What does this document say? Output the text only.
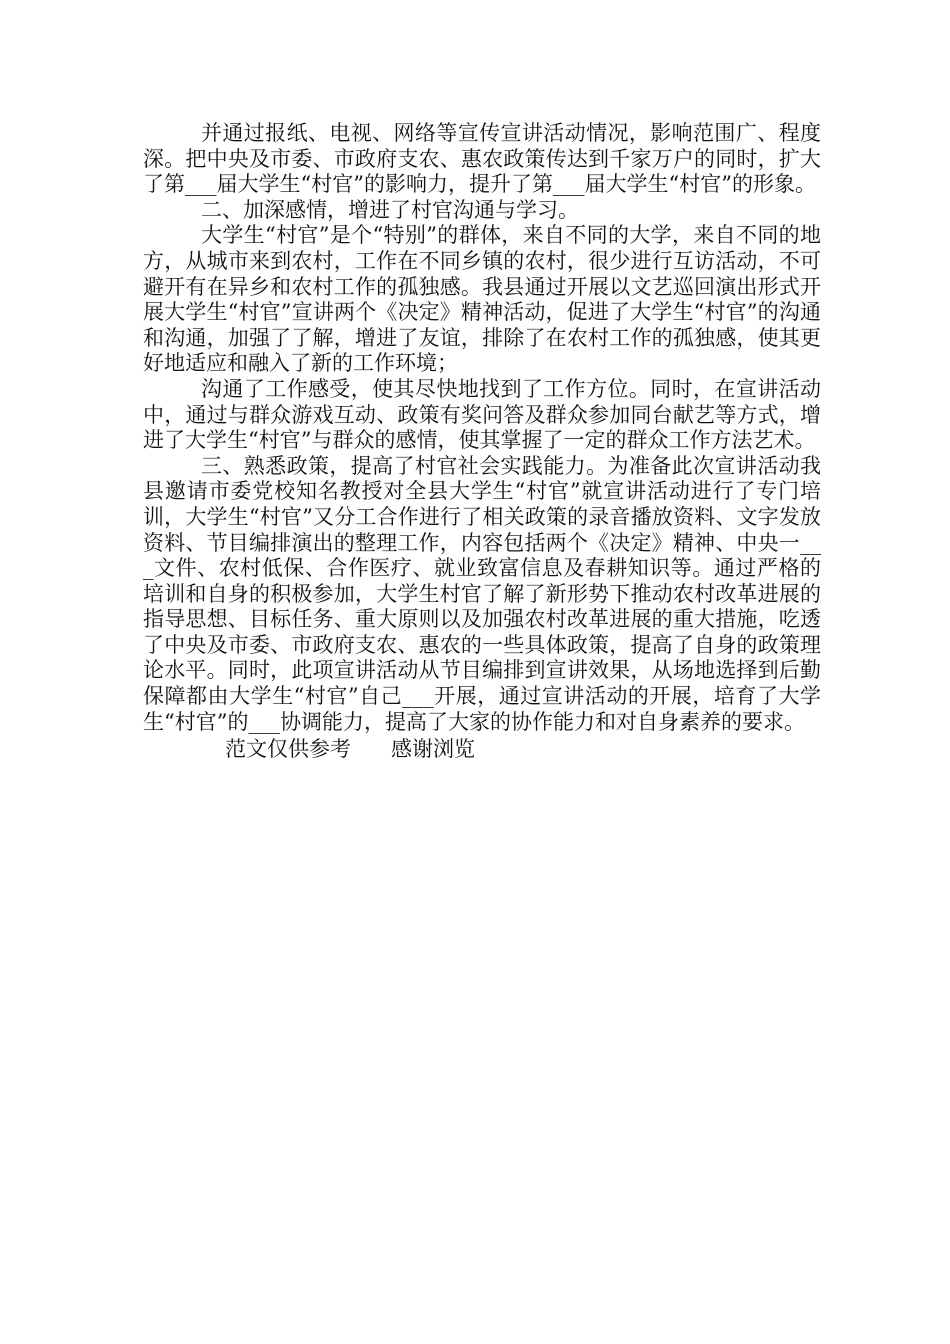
并通过报纸、电视、网络等宣传宣讲活动情况，影响范围广、程度深。把中央及市委、市政府支农、惠农政策传达到千家万户的同时，扩大了第___届大学生“村官”的影响力，提升了第___届大学生“村官”的形象。

二、加深感情，增进了村官沟通与学习。

大学生“村官”是个“特别”的群体，来自不同的大学，来自不同的地方，从城市来到农村，工作在不同乡镇的农村，很少进行互访活动，不可避开有在异乡和农村工作的孤独感。我县通过开展以文艺巡回演出形式开展大学生“村官”宣讲两个《决定》精神活动，促进了大学生“村官”的沟通和沟通，加强了了解，增进了友谊，排除了在农村工作的孤独感，使其更好地适应和融入了新的工作环境；

沟通了工作感受，使其尽快地找到了工作方位。同时，在宣讲活动中，通过与群众游戏互动、政策有奖问答及群众参加同台献艺等方式，增进了大学生“村官”与群众的感情，使其掌握了一定的群众工作方法艺术。

三、熟悉政策，提高了村官社会实践能力。为准备此次宣讲活动我县邀请市委党校知名教授对全县大学生“村官”就宣讲活动进行了专门培训，大学生“村官”又分工合作进行了相关政策的录音播放资料、文字发放资料、节目编排演出的整理工作，内容包括两个《决定》精神、中央一___文件、农村低保、合作医疗、就业致富信息及春耕知识等。通过严格的培训和自身的积极参加，大学生村官了解了新形势下推动农村改革进展的指导思想、目标任务、重大原则以及加强农村改革进展的重大措施，吃透了中央及市委、市政府支农、惠农的一些具体政策，提高了自身的政策理论水平。同时，此项宣讲活动从节目编排到宣讲效果，从场地选择到后勤保障都由大学生“村官”自己___开展，通过宣讲活动的开展，培育了大学生“村官”的___协调能力，提高了大家的协作能力和对自身素养的要求。

范文仅供参考      感谢浏览
